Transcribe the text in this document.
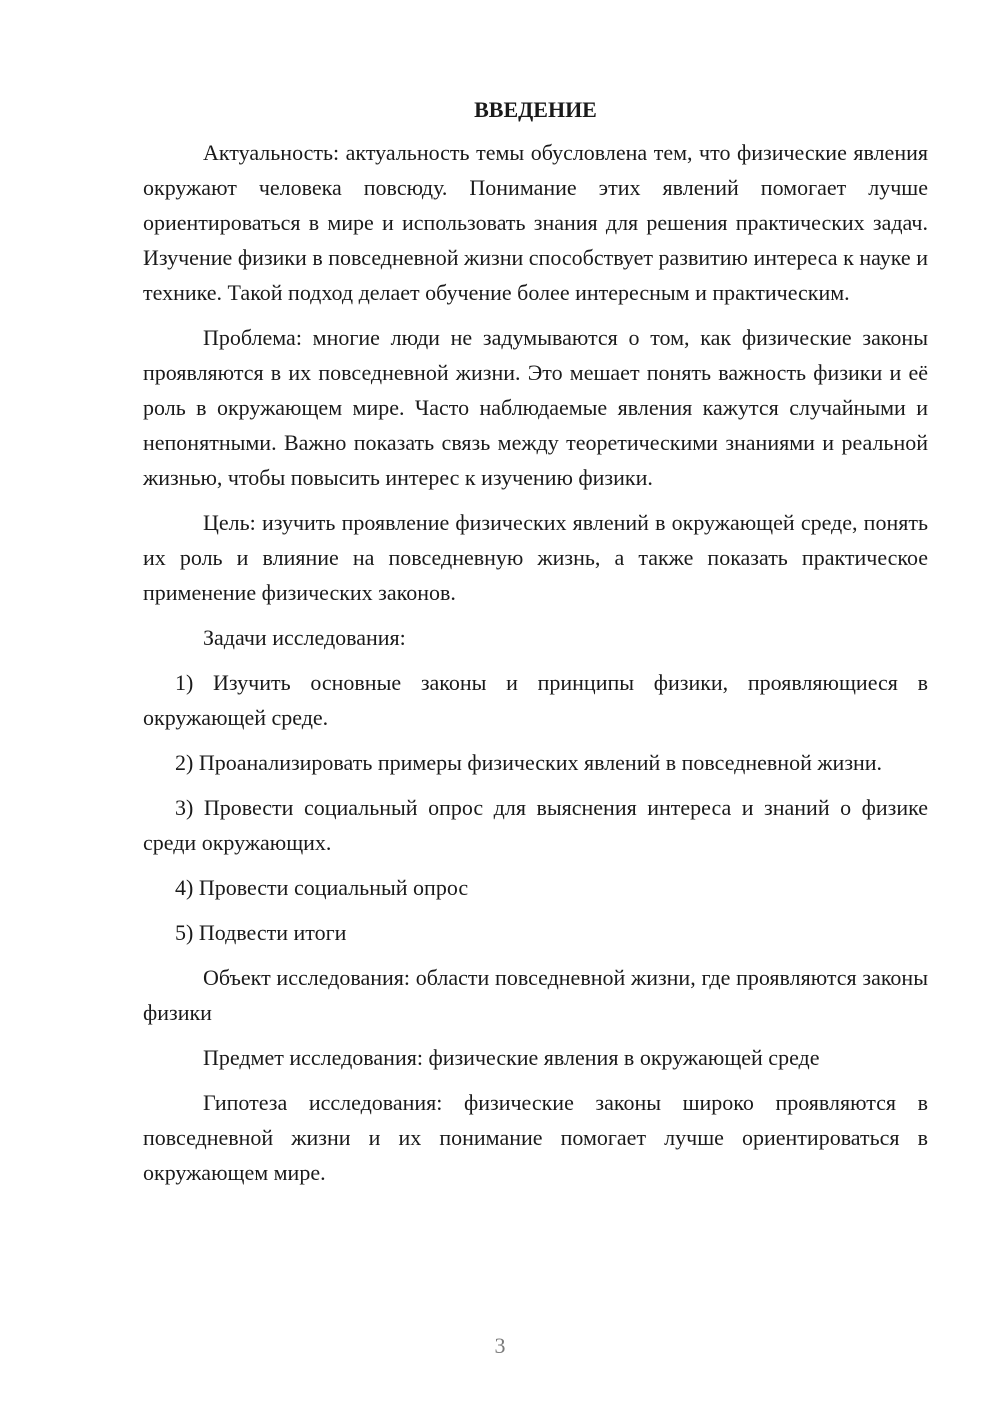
ВВЕДЕНИЕ

Актуальность: актуальность темы обусловлена тем, что физические явления окружают человека повсюду. Понимание этих явлений помогает лучше ориентироваться в мире и использовать знания для решения практических задач. Изучение физики в повседневной жизни способствует развитию интереса к науке и технике. Такой подход делает обучение более интересным и практическим.

Проблема: многие люди не задумываются о том, как физические законы проявляются в их повседневной жизни. Это мешает понять важность физики и её роль в окружающем мире. Часто наблюдаемые явления кажутся случайными и непонятными. Важно показать связь между теоретическими знаниями и реальной жизнью, чтобы повысить интерес к изучению физики.

Цель: изучить проявление физических явлений в окружающей среде, понять их роль и влияние на повседневную жизнь, а также показать практическое применение физических законов.

Задачи исследования:

1) Изучить основные законы и принципы физики, проявляющиеся в окружающей среде.

2) Проанализировать примеры физических явлений в повседневной жизни.

3) Провести социальный опрос для выяснения интереса и знаний о физике среди окружающих.

4) Провести социальный опрос

5) Подвести итоги

Объект исследования: области повседневной жизни, где проявляются законы физики

Предмет исследования: физические явления в окружающей среде

Гипотеза исследования: физические законы широко проявляются в повседневной жизни и их понимание помогает лучше ориентироваться в окружающем мире.

3
